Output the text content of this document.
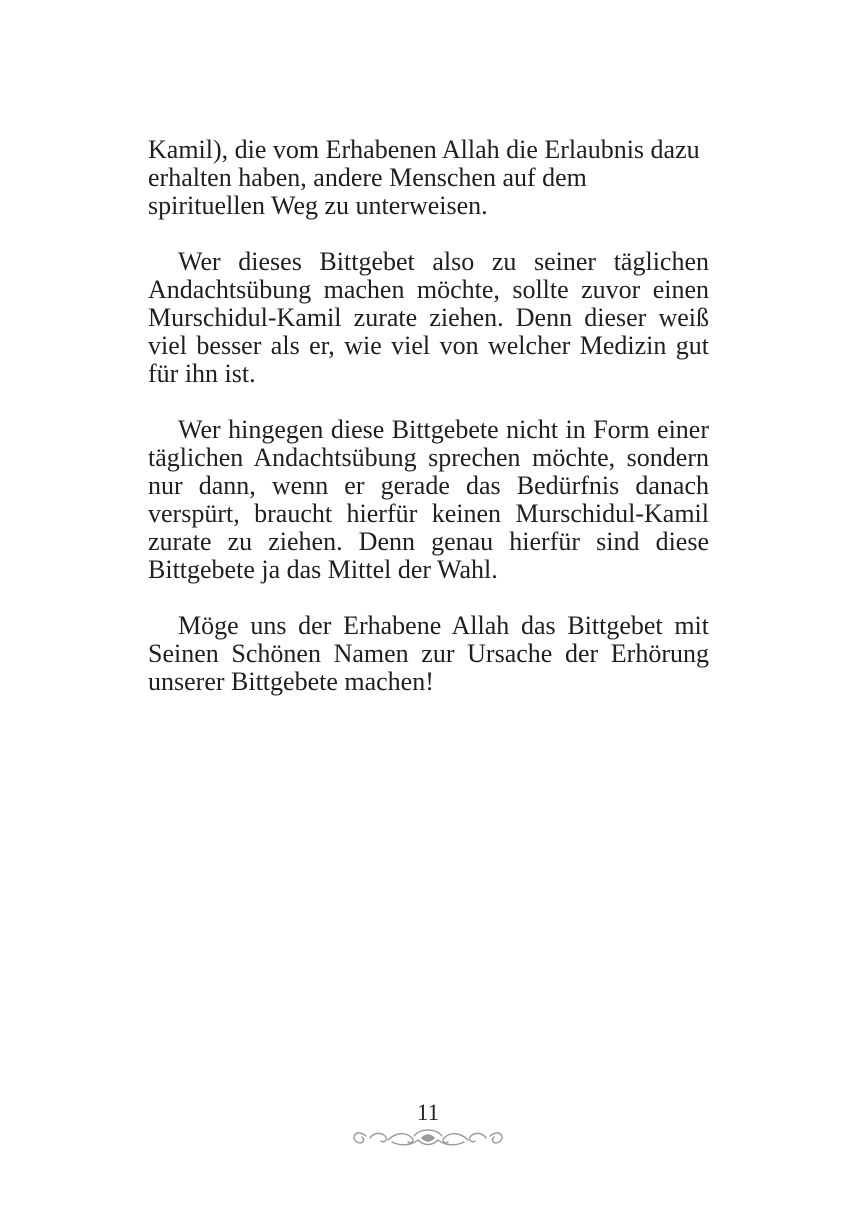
Kamil), die vom Erhabenen Allah die Erlaubnis dazu erhalten haben, andere Menschen auf dem spirituellen Weg zu unterweisen.

Wer dieses Bittgebet also zu seiner täglichen Andachtsübung machen möchte, sollte zuvor einen Murschidul-Kamil zurate ziehen. Denn dieser weiß viel besser als er, wie viel von welcher Medizin gut für ihn ist.

Wer hingegen diese Bittgebete nicht in Form einer täglichen Andachtsübung sprechen möchte, sondern nur dann, wenn er gerade das Bedürfnis danach verspürt, braucht hierfür keinen Murschidul-Kamil zurate zu ziehen. Denn genau hierfür sind diese Bittgebete ja das Mittel der Wahl.

Möge uns der Erhabene Allah das Bittgebet mit Seinen Schönen Namen zur Ursache der Erhörung unserer Bittgebete machen!

11
